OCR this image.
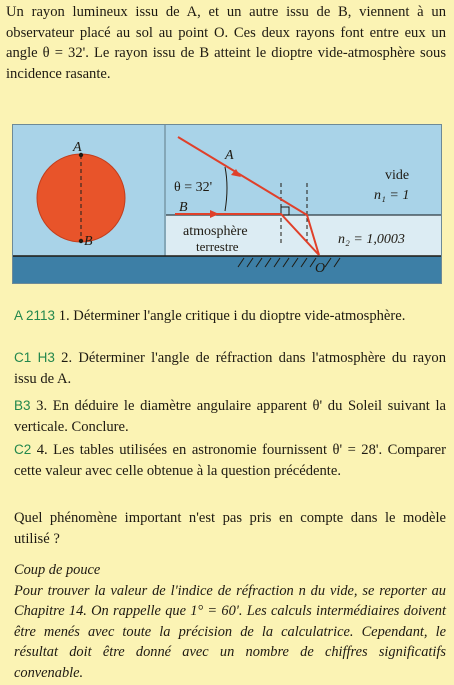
Un rayon lumineux issu de A, et un autre issu de B, viennent à un observateur placé au sol au point O. Ces deux rayons font entre eux un angle θ = 32'. Le rayon issu de B atteint le dioptre vide-atmosphère sous incidence rasante.
A
B
A
B
θ = 32'
vide
n₁ = 1
atmosphère
terrestre	n₂ = 1,0003
O
A 2113 1. Déterminer l'angle critique i du dioptre vide-atmosphère.
C1 H3 2. Déterminer l'angle de réfraction dans l'atmosphère du rayon issu de A.
B3 3. En déduire le diamètre angulaire apparent θ' du Soleil suivant la verticale. Conclure.
C2 4. Les tables utilisées en astronomie fournissent θ' = 28'. Comparer cette valeur avec celle obtenue à la question précédente.
Quel phénomène important n'est pas pris en compte dans le modèle utilisé ?
Coup de pouce
Pour trouver la valeur de l'indice de réfraction n du vide, se reporter au Chapitre 14. On rappelle que 1° = 60'. Les calculs intermédiaires doivent être menés avec toute la précision de la calculatrice. Cependant, le résultat doit être donné avec un nombre de chiffres significatifs convenable.
